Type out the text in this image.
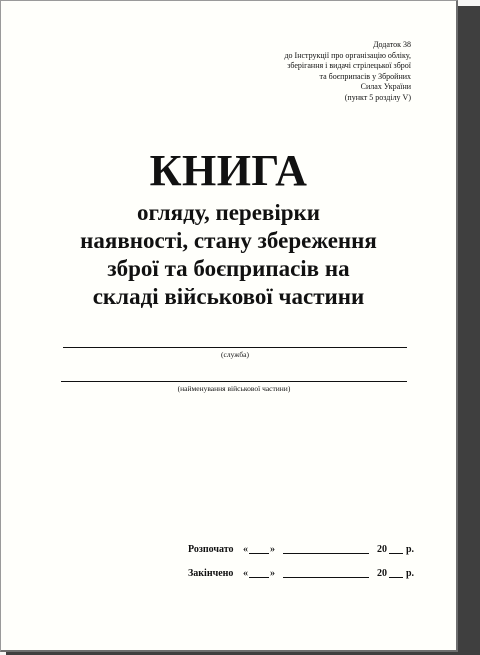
Додаток 38
до Інструкції про організацію обліку,
зберігання і видачі стрілецької зброї
та боєприпасів у Збройних
Силах України
(пункт 5 розділу V)
КНИГА
огляду, перевірки
наявності, стану збереження
зброї та боєприпасів на
складі військової частини
(служба)
(найменування військової частини)
Розпочато « »	20 р.
Закінчено « »	20 р.
